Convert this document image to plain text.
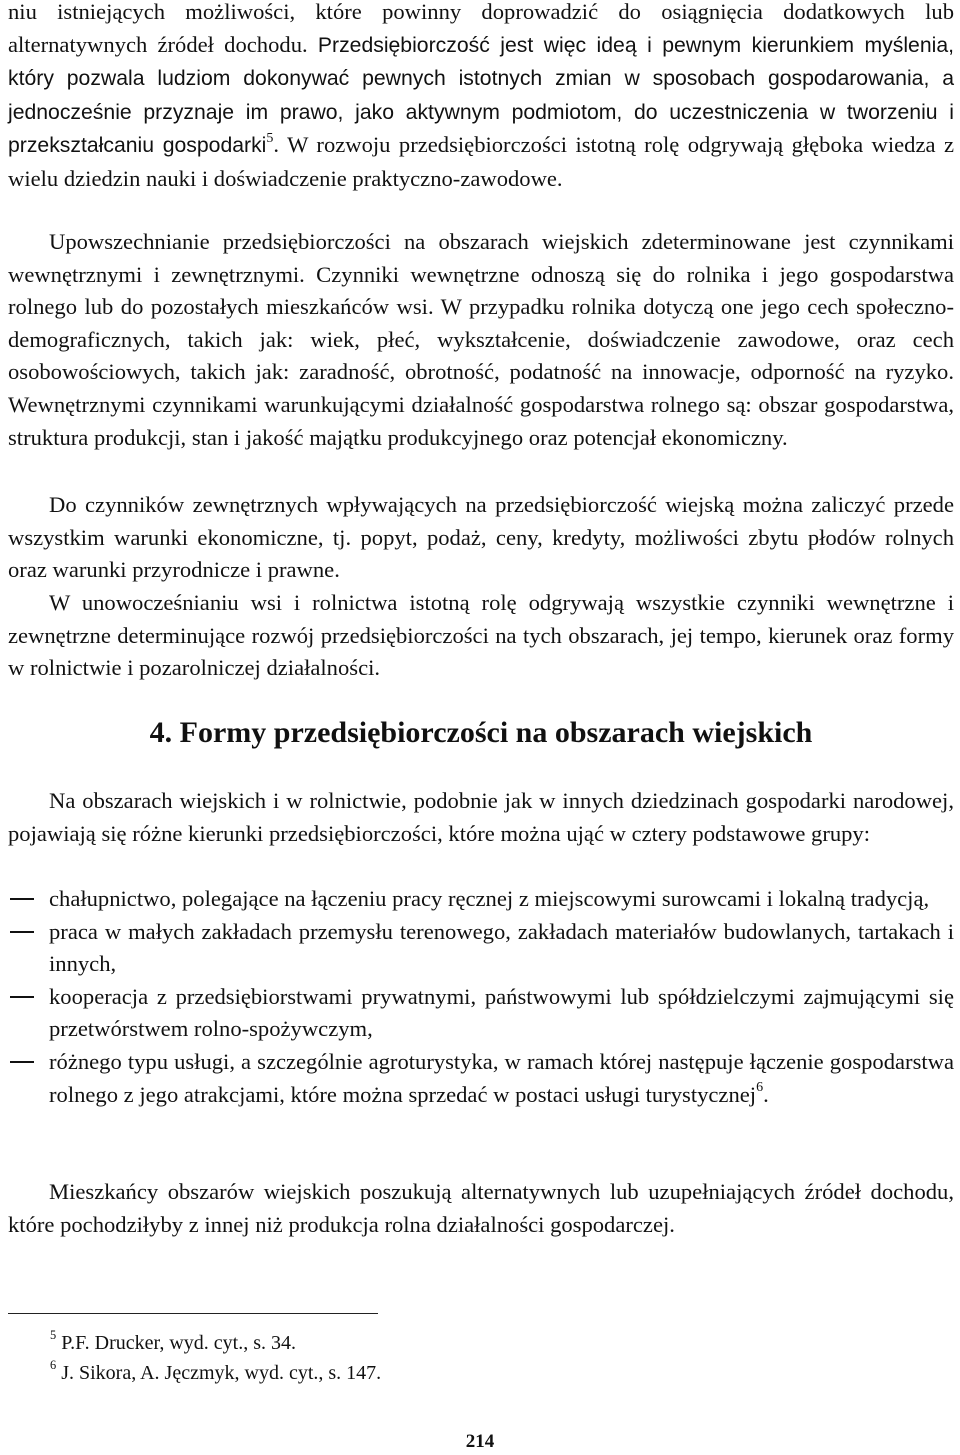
niu istniejących możliwości, które powinny doprowadzić do osiągnięcia dodatkowych lub alternatywnych źródeł dochodu. Przedsiębiorczość jest więc ideą i pewnym kierunkiem myślenia, który pozwala ludziom dokonywać pewnych istotnych zmian w sposobach gospodarowania, a jednocześnie przyznaje im prawo, jako aktywnym podmiotom, do uczestniczenia w tworzeniu i przekształcaniu gospodarki$^5$. W rozwoju przedsiębiorczości istotną rolę odgrywają głęboka wiedza z wielu dziedzin nauki i doświadczenie praktyczno-zawodowe.

Upowszechnianie przedsiębiorczości na obszarach wiejskich zdeterminowane jest czynnikami wewnętrznymi i zewnętrznymi. Czynniki wewnętrzne odnoszą się do rolnika i jego gospodarstwa rolnego lub do pozostałych mieszkańców wsi. W przypadku rolnika dotyczą one jego cech społeczno-demograficznych, takich jak: wiek, płeć, wykształcenie, doświadczenie zawodowe, oraz cech osobowościowych, takich jak: zaradność, obrotność, podatność na innowacje, odporność na ryzyko. Wewnętrznymi czynnikami warunkującymi działalność gospodarstwa rolnego są: obszar gospodarstwa, struktura produkcji, stan i jakość majątku produkcyjnego oraz potencjał ekonomiczny.

Do czynników zewnętrznych wpływających na przedsiębiorczość wiejską można zaliczyć przede wszystkim warunki ekonomiczne, tj. popyt, podaż, ceny, kredyty, możliwości zbytu płodów rolnych oraz warunki przyrodnicze i prawne.

W unowocześnianiu wsi i rolnictwa istotną rolę odgrywają wszystkie czynniki wewnętrzne i zewnętrzne determinujące rozwój przedsiębiorczości na tych obszarach, jej tempo, kierunek oraz formy w rolnictwie i pozarolniczej działalności.

4. Formy przedsiębiorczości na obszarach wiejskich

Na obszarach wiejskich i w rolnictwie, podobnie jak w innych dziedzinach gospodarki narodowej, pojawiają się różne kierunki przedsiębiorczości, które można ująć w cztery podstawowe grupy:

chałupnictwo, polegające na łączeniu pracy ręcznej z miejscowymi surowcami i lokalną tradycją,
praca w małych zakładach przemysłu terenowego, zakładach materiałów budowlanych, tartakach i innych,
kooperacja z przedsiębiorstwami prywatnymi, państwowymi lub spółdzielczymi zajmującymi się przetwórstwem rolno-spożywczym,
różnego typu usługi, a szczególnie agroturystyka, w ramach której następuje łączenie gospodarstwa rolnego z jego atrakcjami, które można sprzedać w postaci usługi turystycznej$^6$.

Mieszkańcy obszarów wiejskich poszukują alternatywnych lub uzupełniających źródeł dochodu, które pochodziłyby z innej niż produkcja rolna działalności gospodarczej.

$^5$ P.F. Drucker, wyd. cyt., s. 34.
$^6$ J. Sikora, A. Jęczmyk, wyd. cyt., s. 147.

214
